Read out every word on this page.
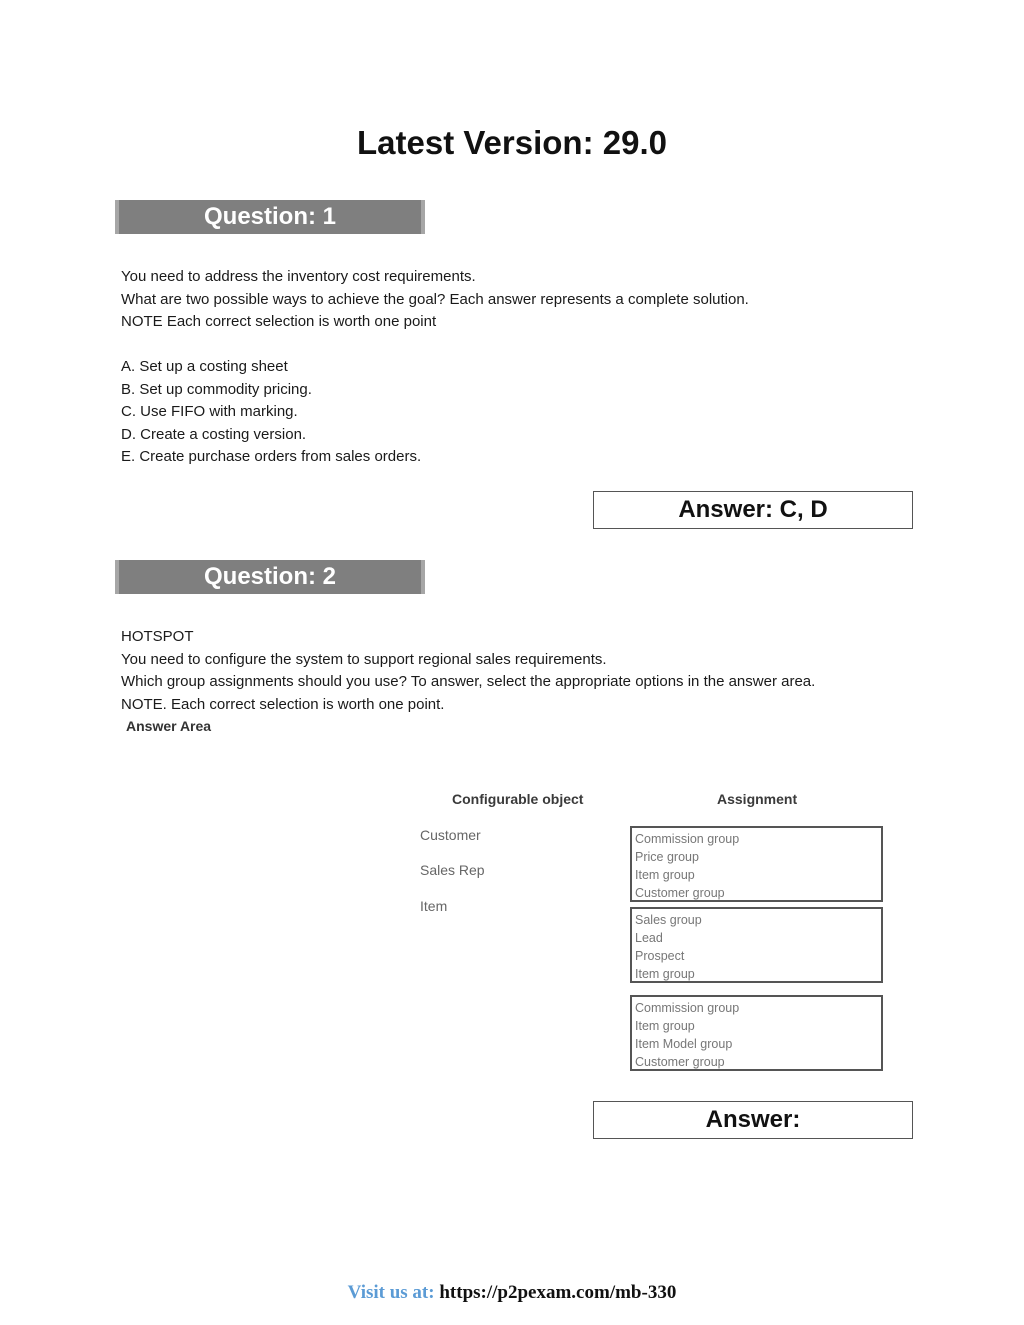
Latest Version: 29.0
Question: 1
You need to address the inventory cost requirements.
What are two possible ways to achieve the goal? Each answer represents a complete solution.
NOTE Each correct selection is worth one point
A. Set up a costing sheet
B. Set up commodity pricing.
C. Use FIFO with marking.
D. Create a costing version.
E. Create purchase orders from sales orders.
Answer: C, D
Question: 2
HOTSPOT
You need to configure the system to support regional sales requirements.
Which group assignments should you use? To answer, select the appropriate options in the answer area.
NOTE. Each correct selection is worth one point.
Answer Area
Configurable object	Assignment
Customer
Sales Rep
Item
Commission group
Price group
Item group
Customer group
Sales group
Lead
Prospect
Item group
Commission group
Item group
Item Model group
Customer group
Answer:
Visit us at: https://p2pexam.com/mb-330
